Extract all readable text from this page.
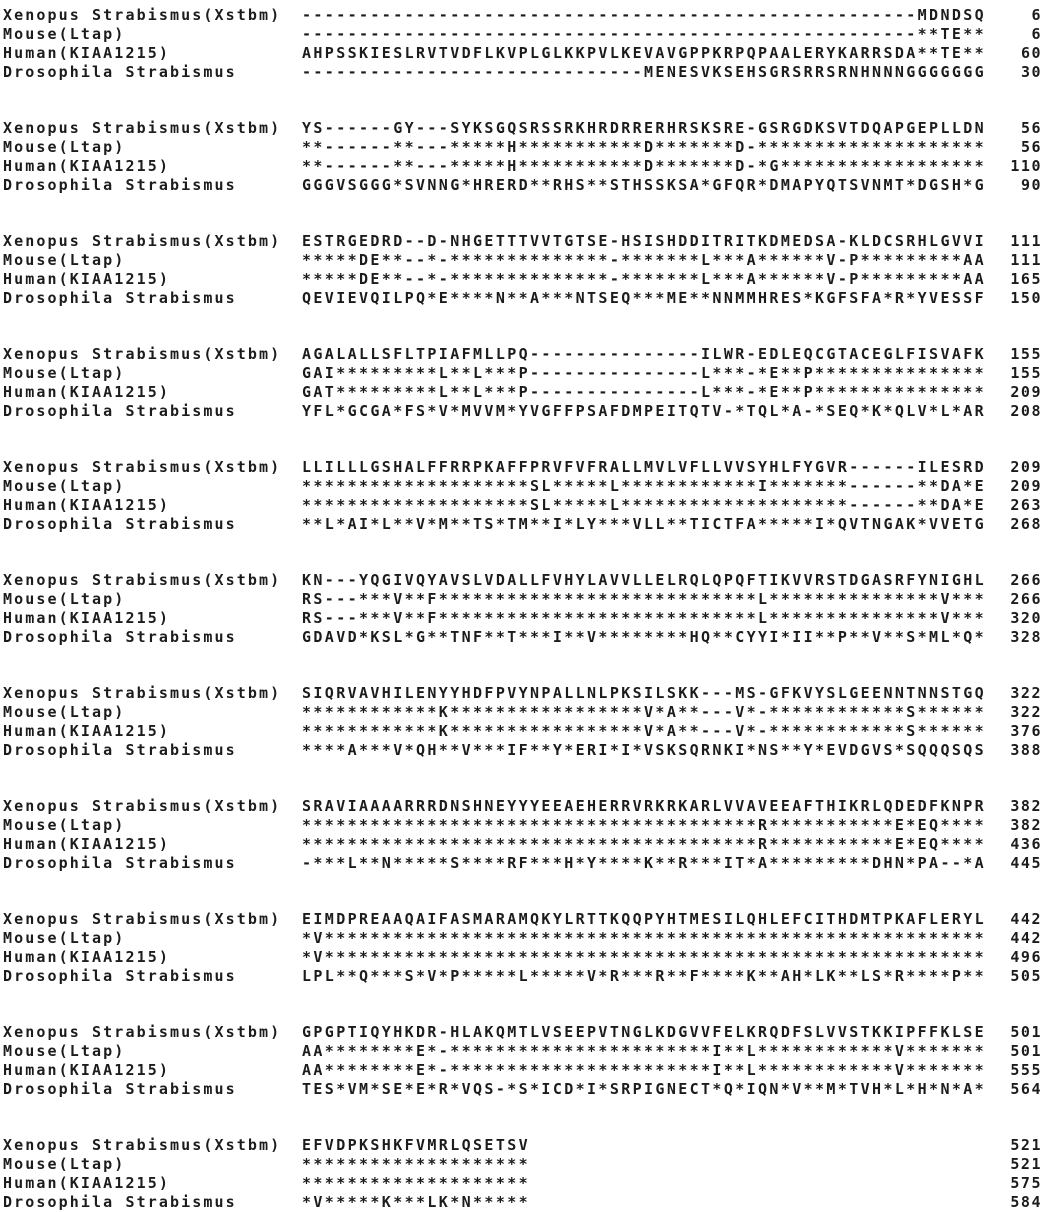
Xenopus Strabismus(Xstbm)	------------------------------------------------------MDNDSQ	6
Mouse(Ltap)	------------------------------------------------------**TE**	6
Human(KIAA1215)	AHPSSKIESLRVTVDFLKVPLGLKKPVLKEVAVGPPKRPQPAALERYKARRSDA**TE**	60
Drosophila Strabismus	------------------------------MENESVKSEHSGRSRRSRNHNNNGGGGGGG	30
Xenopus Strabismus(Xstbm)	YS------GY---SYKSGQSRSSRKHRDRRERHRSKSRE-GSRGDKSVTDQAPGEPLLDN	56
Mouse(Ltap)	**------**---*****H***********D*******D-********************	56
Human(KIAA1215)	**------**---*****H***********D*******D-*G******************	110
Drosophila Strabismus	GGGVSGGG*SVNNG*HRERD**RHS**STHSSKSA*GFQR*DMAPYQTSVNMT*DGSH*G	90
Xenopus Strabismus(Xstbm)	ESTRGEDRD--D-NHGETTTVVTGTSE-HSISHDDITRITKDMEDSA-KLDCSRHLGVVI	111
Mouse(Ltap)	*****DE**--*-**************-*******L***A******V-P*********AA	111
Human(KIAA1215)	*****DE**--*-**************-*******L***A******V-P*********AA	165
Drosophila Strabismus	QEVIEVQILPQ*E****N**A***NTSEQ***ME**NNMMHRES*KGFSFA*R*YVESSF	150
Xenopus Strabismus(Xstbm)	AGALALLSFLTPIAFMLLPQ---------------ILWR-EDLEQCGTACEGLFISVAFK	155
Mouse(Ltap)	GAI*********L**L***P---------------L***-*E**P***************	155
Human(KIAA1215)	GAT*********L**L***P---------------L***-*E**P***************	209
Drosophila Strabismus	YFL*GCGA*FS*V*MVVM*YVGFFPSAFDMPEITQTV-*TQL*A-*SEQ*K*QLV*L*AR	208
Xenopus Strabismus(Xstbm)	LLILLLGSHALFFRRPKAFFPRVFVFRALLMVLVFLLVVSYHLFYGVR------ILESRD	209
Mouse(Ltap)	********************SL*****L************I*******------**DA*E	209
Human(KIAA1215)	********************SL*****L********************------**DA*E	263
Drosophila Strabismus	**L*AI*L**V*M**TS*TM**I*LY***VLL**TICTFA*****I*QVTNGAK*VVETG	268
Xenopus Strabismus(Xstbm)	KN---YQGIVQYAVSLVDALLFVHYLAVVLLELRQLQPQFTIKVVRSTDGASRFYNIGHL	266
Mouse(Ltap)	RS---***V**F****************************L***************V***	266
Human(KIAA1215)	RS---***V**F****************************L***************V***	320
Drosophila Strabismus	GDAVD*KSL*G**TNF**T***I**V********HQ**CYYI*II**P**V**S*ML*Q*	328
Xenopus Strabismus(Xstbm)	SIQRVAVHILENYYHDFPVYNPALLNLPKSILSKK---MS-GFKVYSLGEENNTNNSTGQ	322
Mouse(Ltap)	************K*****************V*A**---V*-************S******	322
Human(KIAA1215)	************K*****************V*A**---V*-************S******	376
Drosophila Strabismus	****A***V*QH**V***IF**Y*ERI*I*VSKSQRNKI*NS**Y*EVDGVS*SQQQSQS	388
Xenopus Strabismus(Xstbm)	SRAVIAAAARRRDNSHNEYYYEEAEHERRVRKRKARLVVAVEEAFTHIKRLQDEDFKNPR	382
Mouse(Ltap)	****************************************R***********E*EQ****	382
Human(KIAA1215)	****************************************R***********E*EQ****	436
Drosophila Strabismus	-***L**N*****S****RF***H*Y****K**R***IT*A*********DHN*PA--*A	445
Xenopus Strabismus(Xstbm)	EIMDPREAAQAIFASMARAMQKYLRTTKQQPYHTMESILQHLEFCITHDMTPKAFLERYL	442
Mouse(Ltap)	*V**********************************************************	442
Human(KIAA1215)	*V**********************************************************	496
Drosophila Strabismus	LPL**Q***S*V*P*****L*****V*R***R**F****K**AH*LK**LS*R****P**	505
Xenopus Strabismus(Xstbm)	GPGPTIQYHKDR-HLAKQMTLVSEEPVTNGLKDGVVFELKRQDFSLVVSTKKIPFFKLSE	501
Mouse(Ltap)	AA********E*-***********************I**L************V*******	501
Human(KIAA1215)	AA********E*-***********************I**L************V*******	555
Drosophila Strabismus	TES*VM*SE*E*R*VQS-*S*ICD*I*SRPIGNECT*Q*IQN*V**M*TVH*L*H*N*A*	564
Xenopus Strabismus(Xstbm)	EFVDPKSHKFVMRLQSETSV	521
Mouse(Ltap)	********************	521
Human(KIAA1215)	********************	575
Drosophila Strabismus	*V*****K***LK*N*****	584
